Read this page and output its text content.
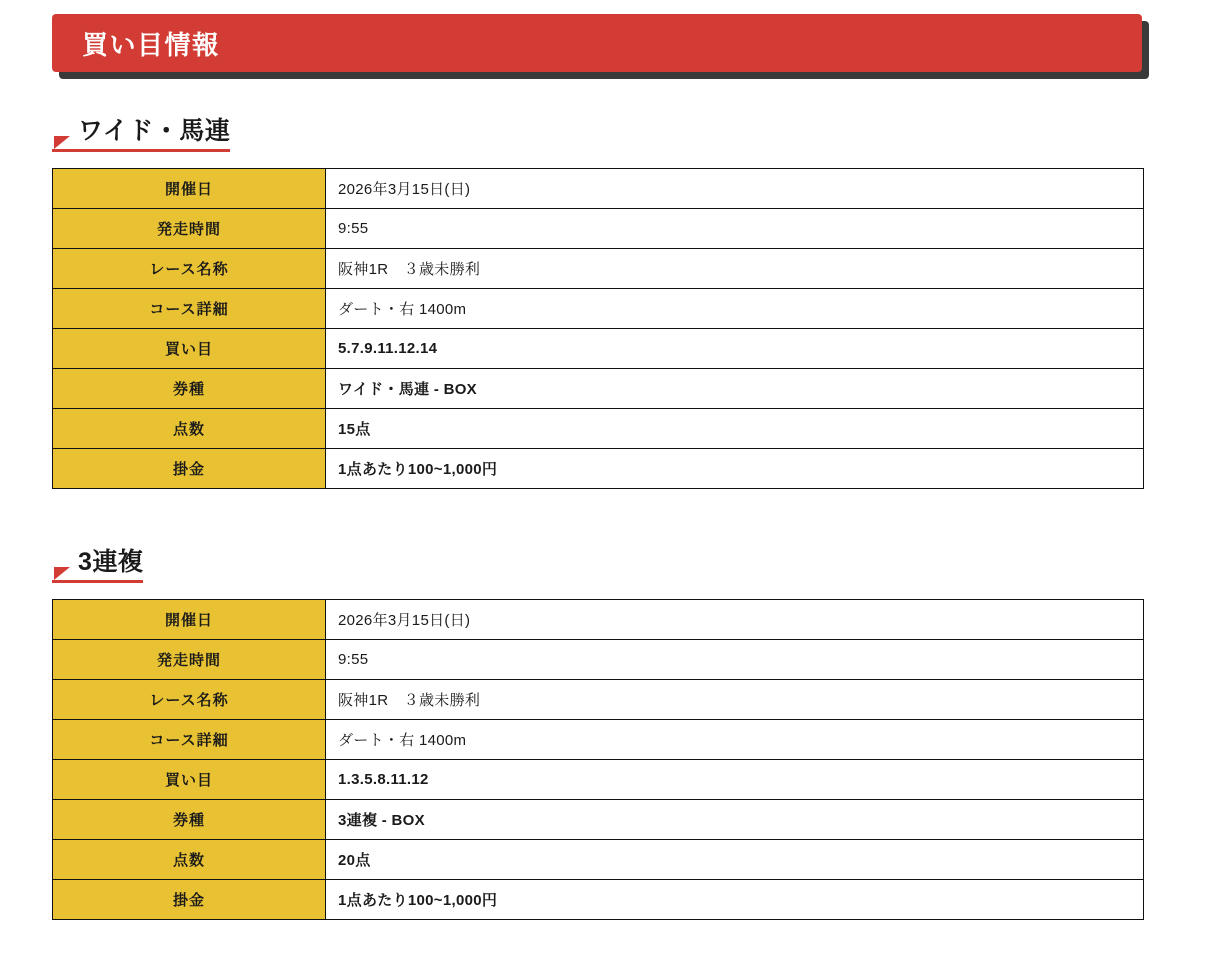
買い目情報
ワイド・馬連
開催日	2026年3月15日(日)
発走時間	9:55
レース名称	阪神1R　３歳未勝利
コース詳細	ダート・右 1400m
買い目	5.7.9.11.12.14
券種	ワイド・馬連 - BOX
点数	15点
掛金	1点あたり100~1,000円
3連複
開催日	2026年3月15日(日)
発走時間	9:55
レース名称	阪神1R　３歳未勝利
コース詳細	ダート・右 1400m
買い目	1.3.5.8.11.12
券種	3連複 - BOX
点数	20点
掛金	1点あたり100~1,000円
